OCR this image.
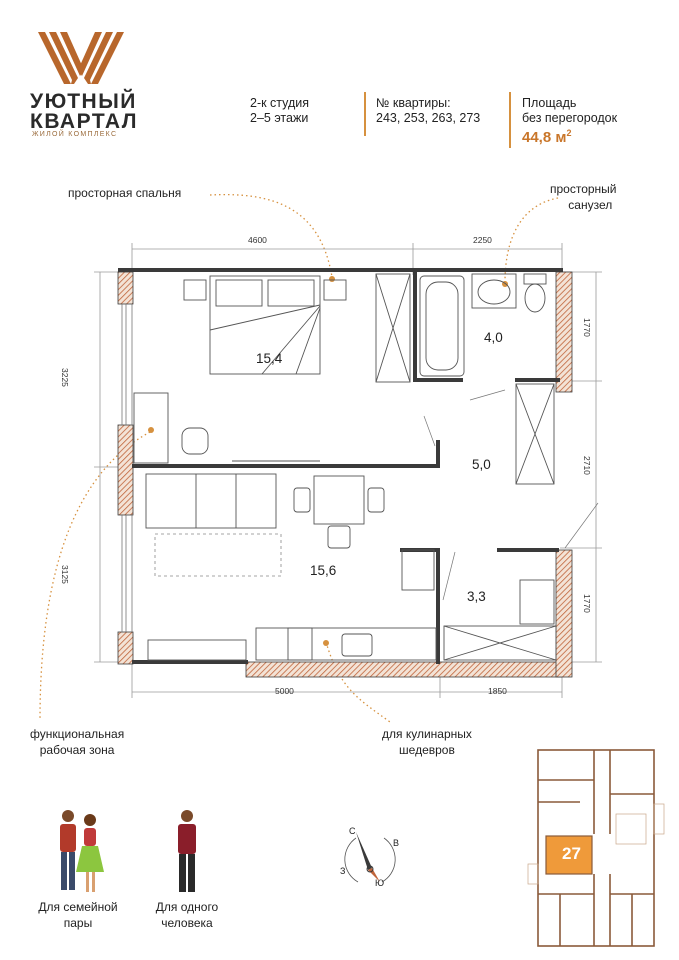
УЮТНЫЙ
КВАРТАЛ
ЖИЛОЙ КОМПЛЕКС
2-к студия
2–5 этажи
№ квартиры:
243, 253, 263, 273
Площадь
без перегородок
44,8 $м^2$
просторная спальня	просторный
санузел
функциональная
рабочая зона
для кулинарных
шедевров
15,4
4,0
5,0
15,6
3,3
4600	2250
5000	1850
3225
3125
1770
2710
1770
Для семейной
пары
Для одного
человека
С
В
Ю
З
27
